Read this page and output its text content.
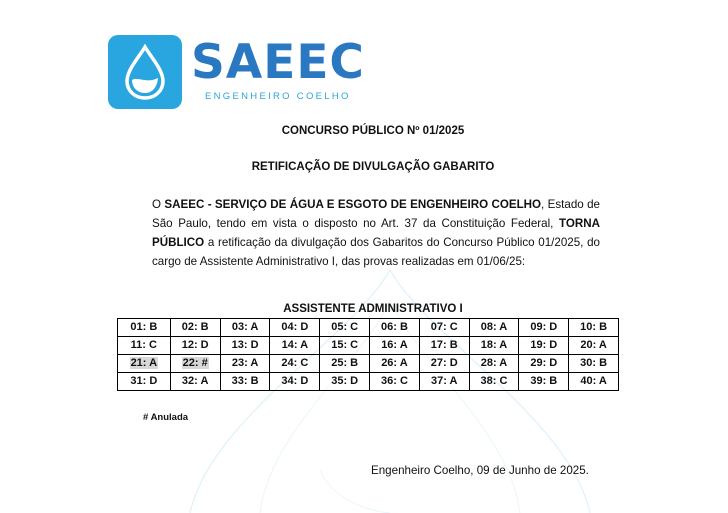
SAEEC
ENGENHEIRO COELHO
CONCURSO PÚBLICO Nº 01/2025
RETIFICAÇÃO DE DIVULGAÇÃO GABARITO
O SAEEC - SERVIÇO DE ÁGUA E ESGOTO DE ENGENHEIRO COELHO, Estado de São Paulo, tendo em vista o disposto no Art. 37 da Constituição Federal, TORNA PÚBLICO a retificação da divulgação dos Gabaritos do Concurso Público 01/2025, do cargo de Assistente Administrativo I, das provas realizadas em 01/06/25:
ASSISTENTE ADMINISTRATIVO I
01: B	02: B	03: A	04: D	05: C	06: B	07: C	08: A	09: D	10: B
11: C	12: D	13: D	14: A	15: C	16: A	17: B	18: A	19: D	20: A
21: A	22: #	23: A	24: C	25: B	26: A	27: D	28: A	29: D	30: B
31: D	32: A	33: B	34: D	35: D	36: C	37: A	38: C	39: B	40: A
# Anulada
Engenheiro Coelho, 09 de Junho de 2025.
